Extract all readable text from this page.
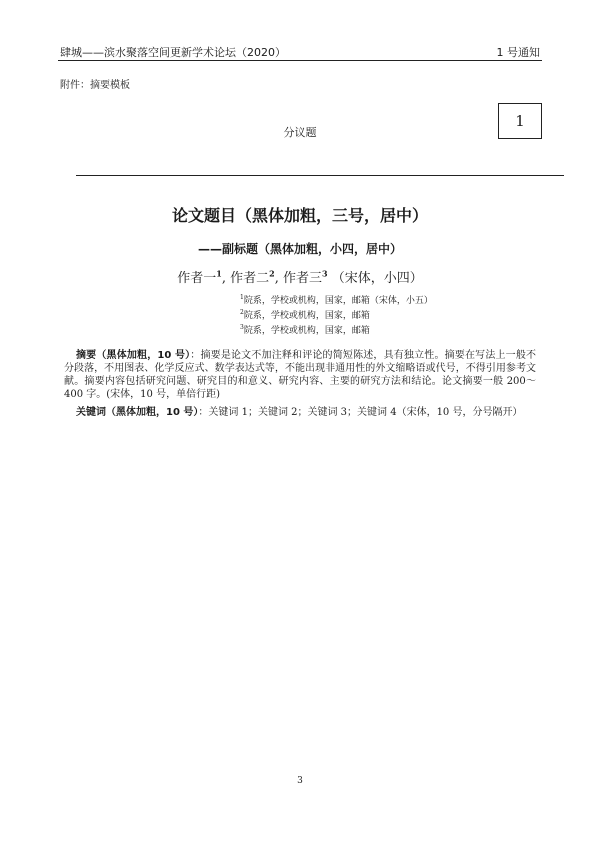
肆城——滨水聚落空间更新学术论坛（2020）	1 号通知
附件：摘要模板
分议题
1
论文题目（黑体加粗，三号，居中）
——副标题（黑体加粗，小四，居中）
作者一$^1$, 作者二$^2$, 作者三$^3$ （宋体，小四）
$^1$院系，学校或机构，国家，邮箱（宋体，小五）
$^2$院系，学校或机构，国家，邮箱
$^3$院系，学校或机构，国家，邮箱
摘要（黑体加粗，10 号）：摘要是论文不加注释和评论的简短陈述，具有独立性。摘要在写法上一般不分段落，不用图表、化学反应式、数学表达式等，不能出现非通用性的外文缩略语或代号，不得引用参考文献。摘要内容包括研究问题、研究目的和意义、研究内容、主要的研究方法和结论。论文摘要一般 200～400 字。(宋体，10 号，单倍行距)
关键词（黑体加粗，10 号）：关键词 1；关键词 2；关键词 3；关键词 4（宋体，10 号，分号隔开）
3
